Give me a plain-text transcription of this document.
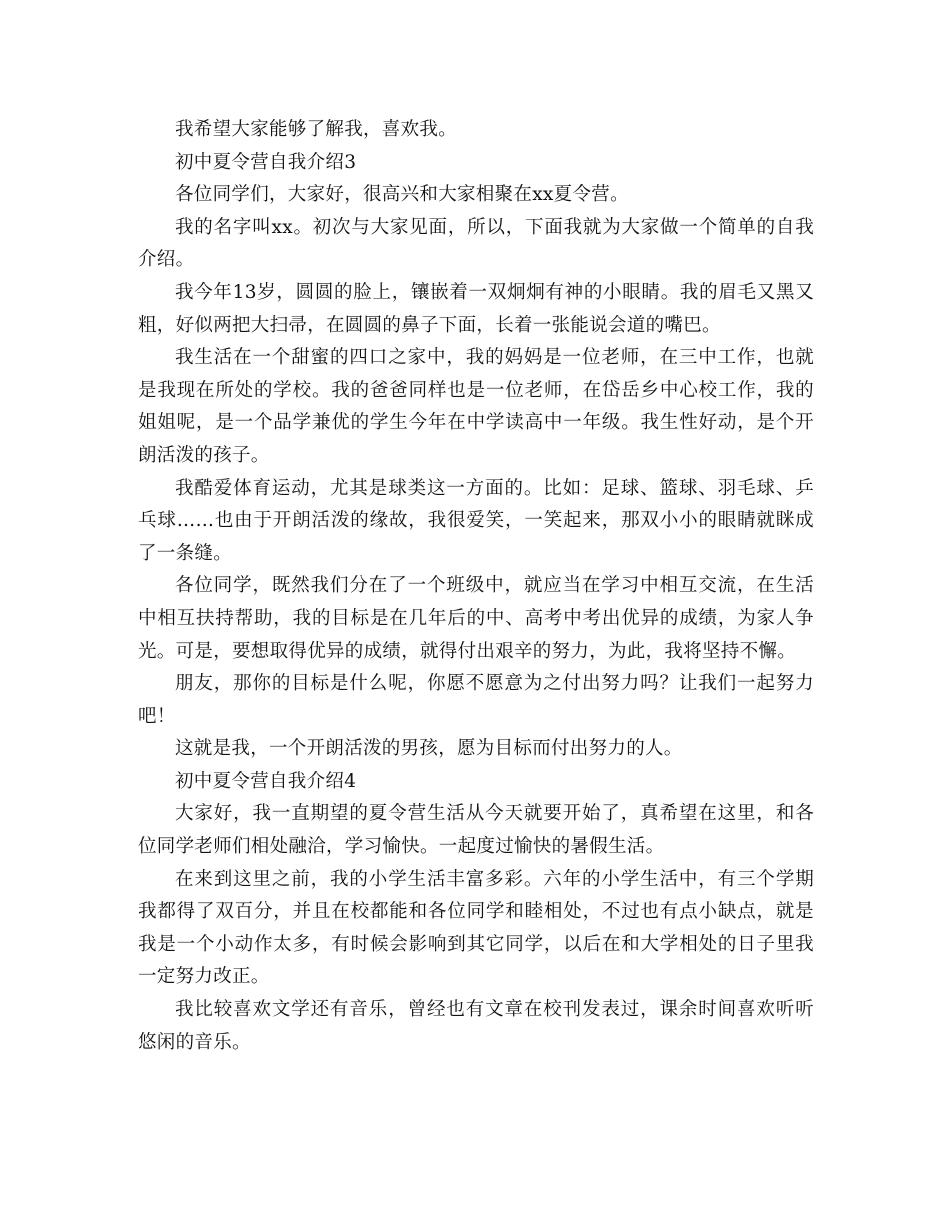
我希望大家能够了解我，喜欢我。

初中夏令营自我介绍3

各位同学们，大家好，很高兴和大家相聚在xx夏令营。

我的名字叫xx。初次与大家见面，所以，下面我就为大家做一个简单的自我介绍。

我今年13岁，圆圆的脸上，镶嵌着一双炯炯有神的小眼睛。我的眉毛又黑又粗，好似两把大扫帚，在圆圆的鼻子下面，长着一张能说会道的嘴巴。

我生活在一个甜蜜的四口之家中，我的妈妈是一位老师，在三中工作，也就是我现在所处的学校。我的爸爸同样也是一位老师，在岱岳乡中心校工作，我的姐姐呢，是一个品学兼优的学生今年在中学读高中一年级。我生性好动，是个开朗活泼的孩子。

我酷爱体育运动，尤其是球类这一方面的。比如：足球、篮球、羽毛球、乒乓球……也由于开朗活泼的缘故，我很爱笑，一笑起来，那双小小的眼睛就眯成了一条缝。

各位同学，既然我们分在了一个班级中，就应当在学习中相互交流，在生活中相互扶持帮助，我的目标是在几年后的中、高考中考出优异的成绩，为家人争光。可是，要想取得优异的成绩，就得付出艰辛的努力，为此，我将坚持不懈。

朋友，那你的目标是什么呢，你愿不愿意为之付出努力吗？让我们一起努力吧！

这就是我，一个开朗活泼的男孩，愿为目标而付出努力的人。

初中夏令营自我介绍4

大家好，我一直期望的夏令营生活从今天就要开始了，真希望在这里，和各位同学老师们相处融洽，学习愉快。一起度过愉快的暑假生活。

在来到这里之前，我的小学生活丰富多彩。六年的小学生活中，有三个学期我都得了双百分，并且在校都能和各位同学和睦相处，不过也有点小缺点，就是我是一个小动作太多，有时候会影响到其它同学，以后在和大学相处的日子里我一定努力改正。

我比较喜欢文学还有音乐，曾经也有文章在校刊发表过，课余时间喜欢听听悠闲的音乐。
